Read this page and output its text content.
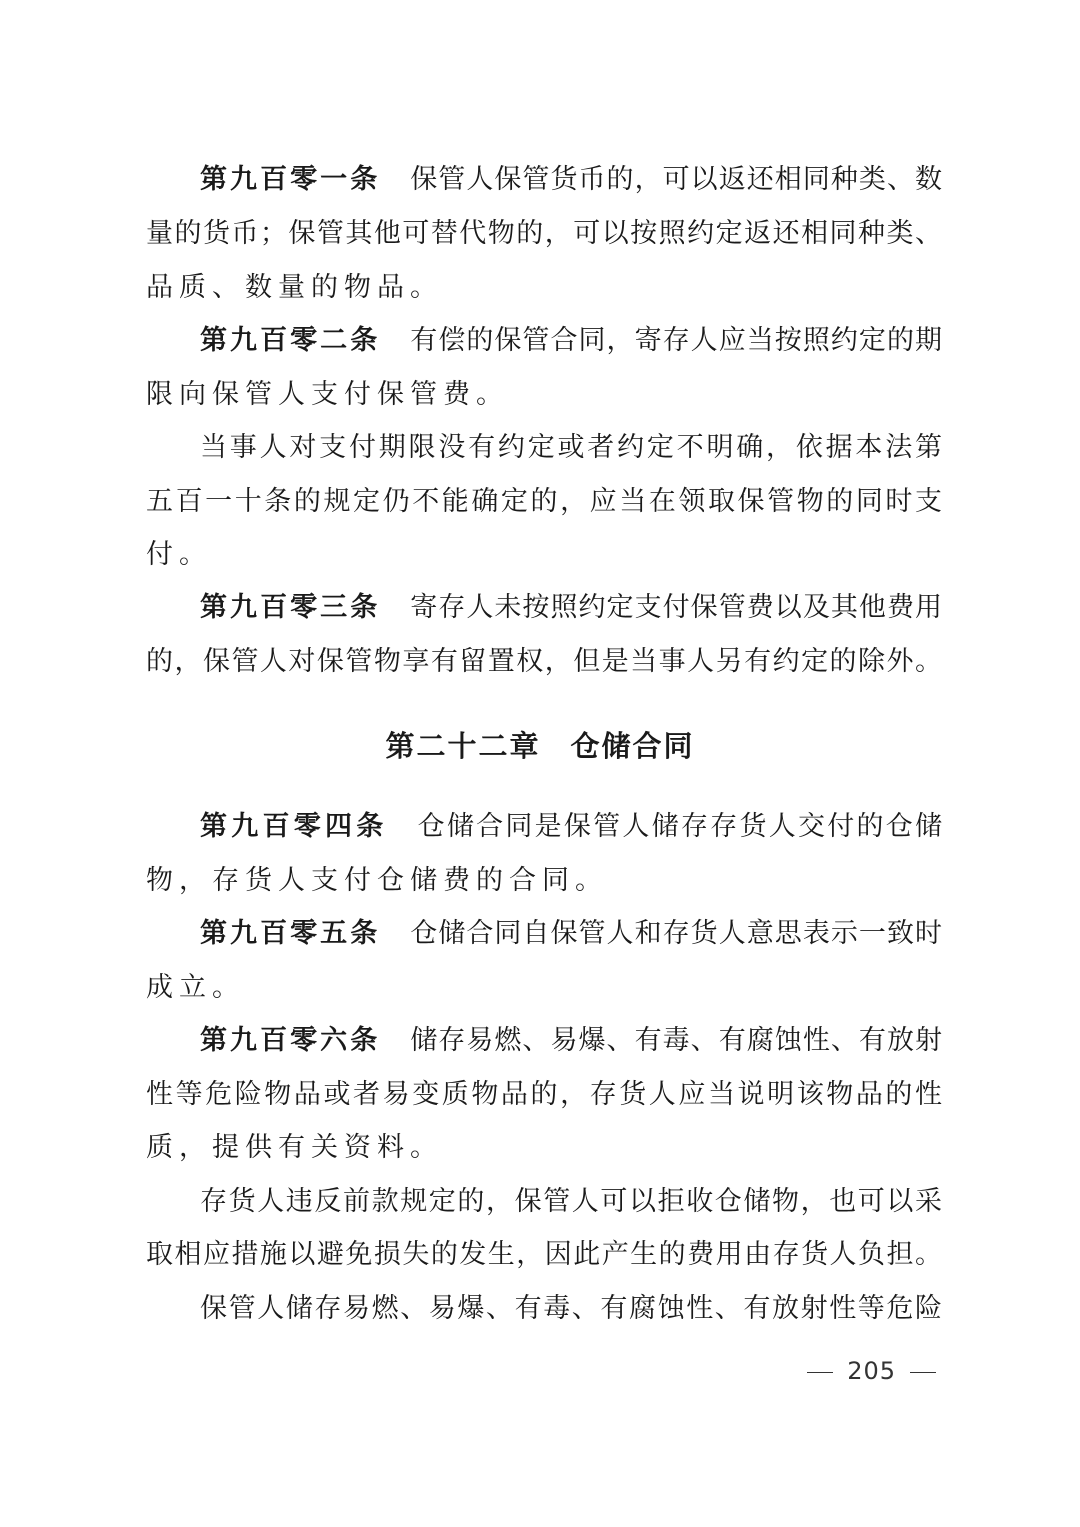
第九百零一条 保管人保管货币的，可以返还相同种类、数
量的货币；保管其他可替代物的，可以按照约定返还相同种类、
品质、数量的物品。
第九百零二条 有偿的保管合同，寄存人应当按照约定的期
限向保管人支付保管费。
当事人对支付期限没有约定或者约定不明确，依据本法第
五百一十条的规定仍不能确定的，应当在领取保管物的同时支
付。
第九百零三条 寄存人未按照约定支付保管费以及其他费用
的，保管人对保管物享有留置权，但是当事人另有约定的除外。
第二十二章 仓储合同
第九百零四条 仓储合同是保管人储存存货人交付的仓储
物，存货人支付仓储费的合同。
第九百零五条 仓储合同自保管人和存货人意思表示一致时
成立。
第九百零六条 储存易燃、易爆、有毒、有腐蚀性、有放射
性等危险物品或者易变质物品的，存货人应当说明该物品的性
质，提供有关资料。
存货人违反前款规定的，保管人可以拒收仓储物，也可以采
取相应措施以避免损失的发生，因此产生的费用由存货人负担。
保管人储存易燃、易爆、有毒、有腐蚀性、有放射性等危险
205
